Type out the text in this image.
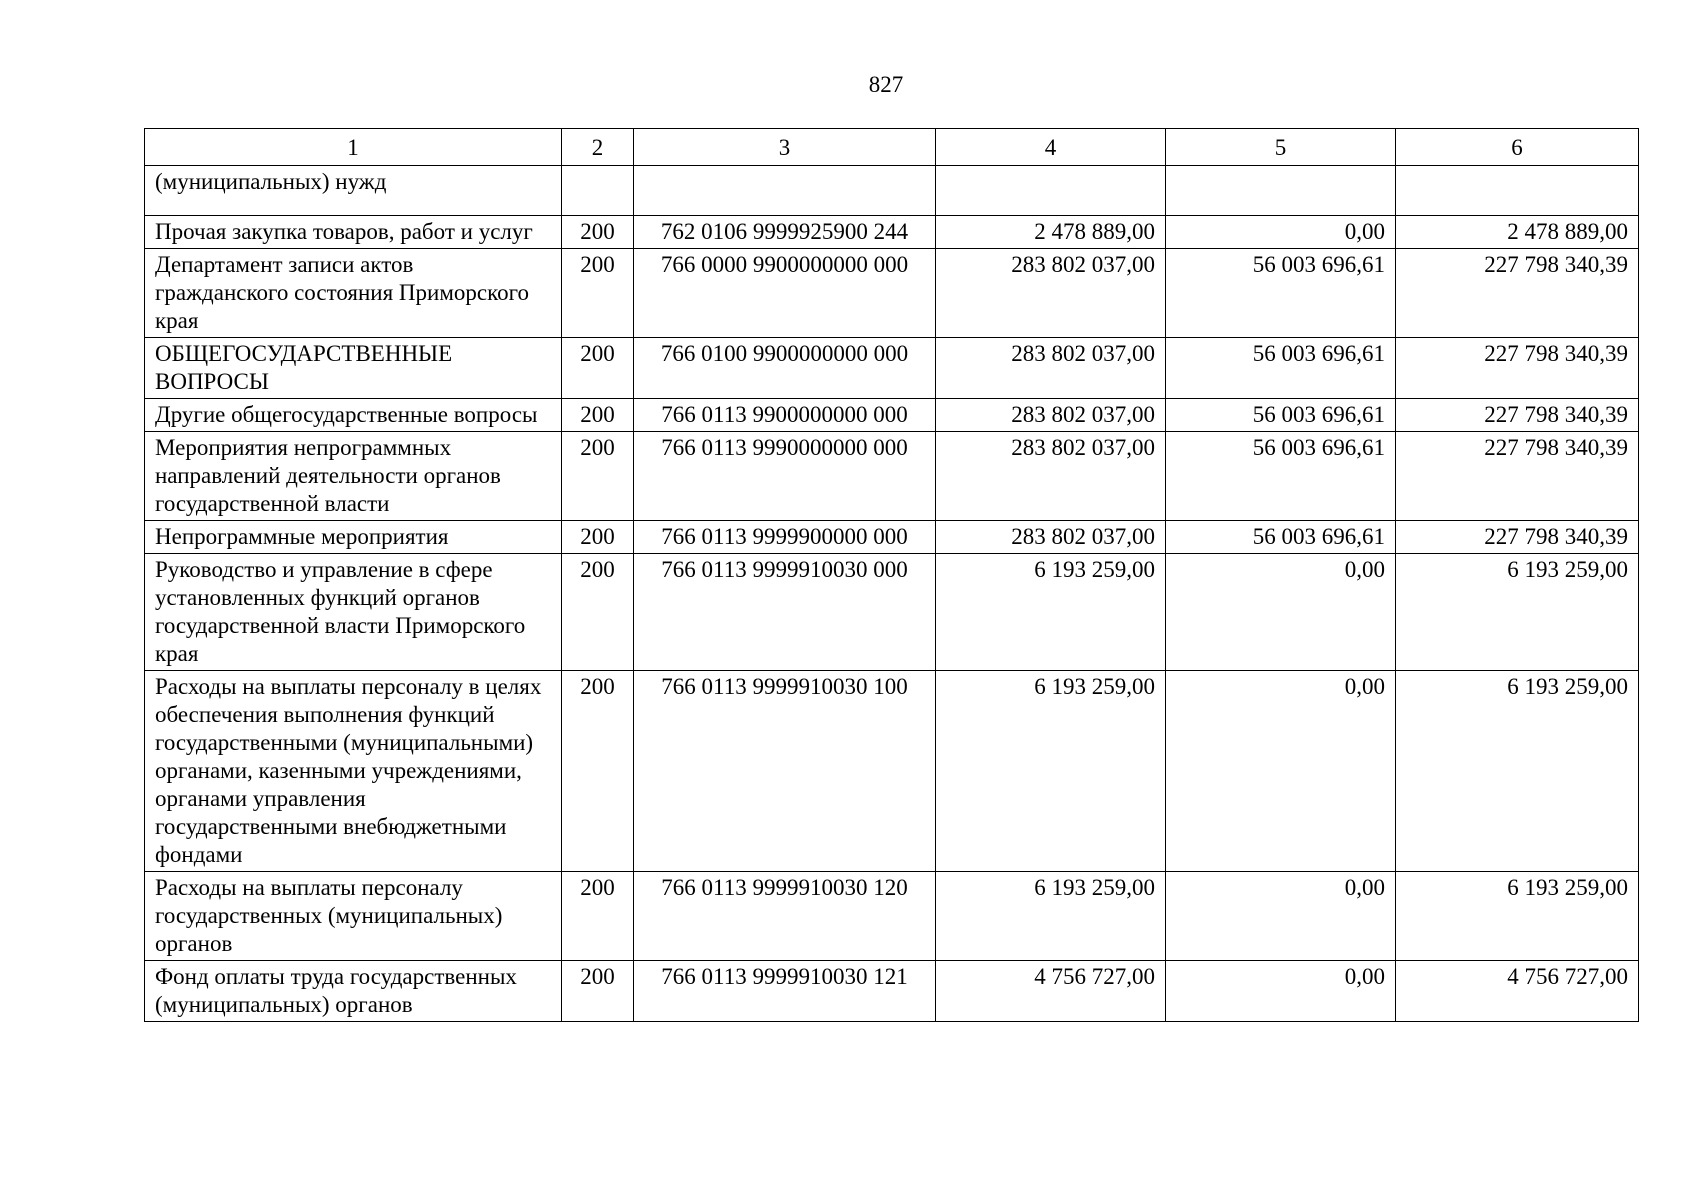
827
1	2	3	4	5	6
(муниципальных) нужд					
Прочая закупка товаров, работ и услуг	200	762 0106 9999925900 244	2 478 889,00	0,00	2 478 889,00
Департамент записи актов гражданского состояния Приморского края	200	766 0000 9900000000 000	283 802 037,00	56 003 696,61	227 798 340,39
ОБЩЕГОСУДАРСТВЕННЫЕ ВОПРОСЫ	200	766 0100 9900000000 000	283 802 037,00	56 003 696,61	227 798 340,39
Другие общегосударственные вопросы	200	766 0113 9900000000 000	283 802 037,00	56 003 696,61	227 798 340,39
Мероприятия непрограммных направлений деятельности органов государственной власти	200	766 0113 9990000000 000	283 802 037,00	56 003 696,61	227 798 340,39
Непрограммные мероприятия	200	766 0113 9999900000 000	283 802 037,00	56 003 696,61	227 798 340,39
Руководство и управление в сфере установленных функций органов государственной власти Приморского края	200	766 0113 9999910030 000	6 193 259,00	0,00	6 193 259,00
Расходы на выплаты персоналу в целях обеспечения выполнения функций государственными (муниципальными) органами, казенными учреждениями, органами управления государственными внебюджетными фондами	200	766 0113 9999910030 100	6 193 259,00	0,00	6 193 259,00
Расходы на выплаты персоналу государственных (муниципальных) органов	200	766 0113 9999910030 120	6 193 259,00	0,00	6 193 259,00
Фонд оплаты труда государственных (муниципальных) органов	200	766 0113 9999910030 121	4 756 727,00	0,00	4 756 727,00
